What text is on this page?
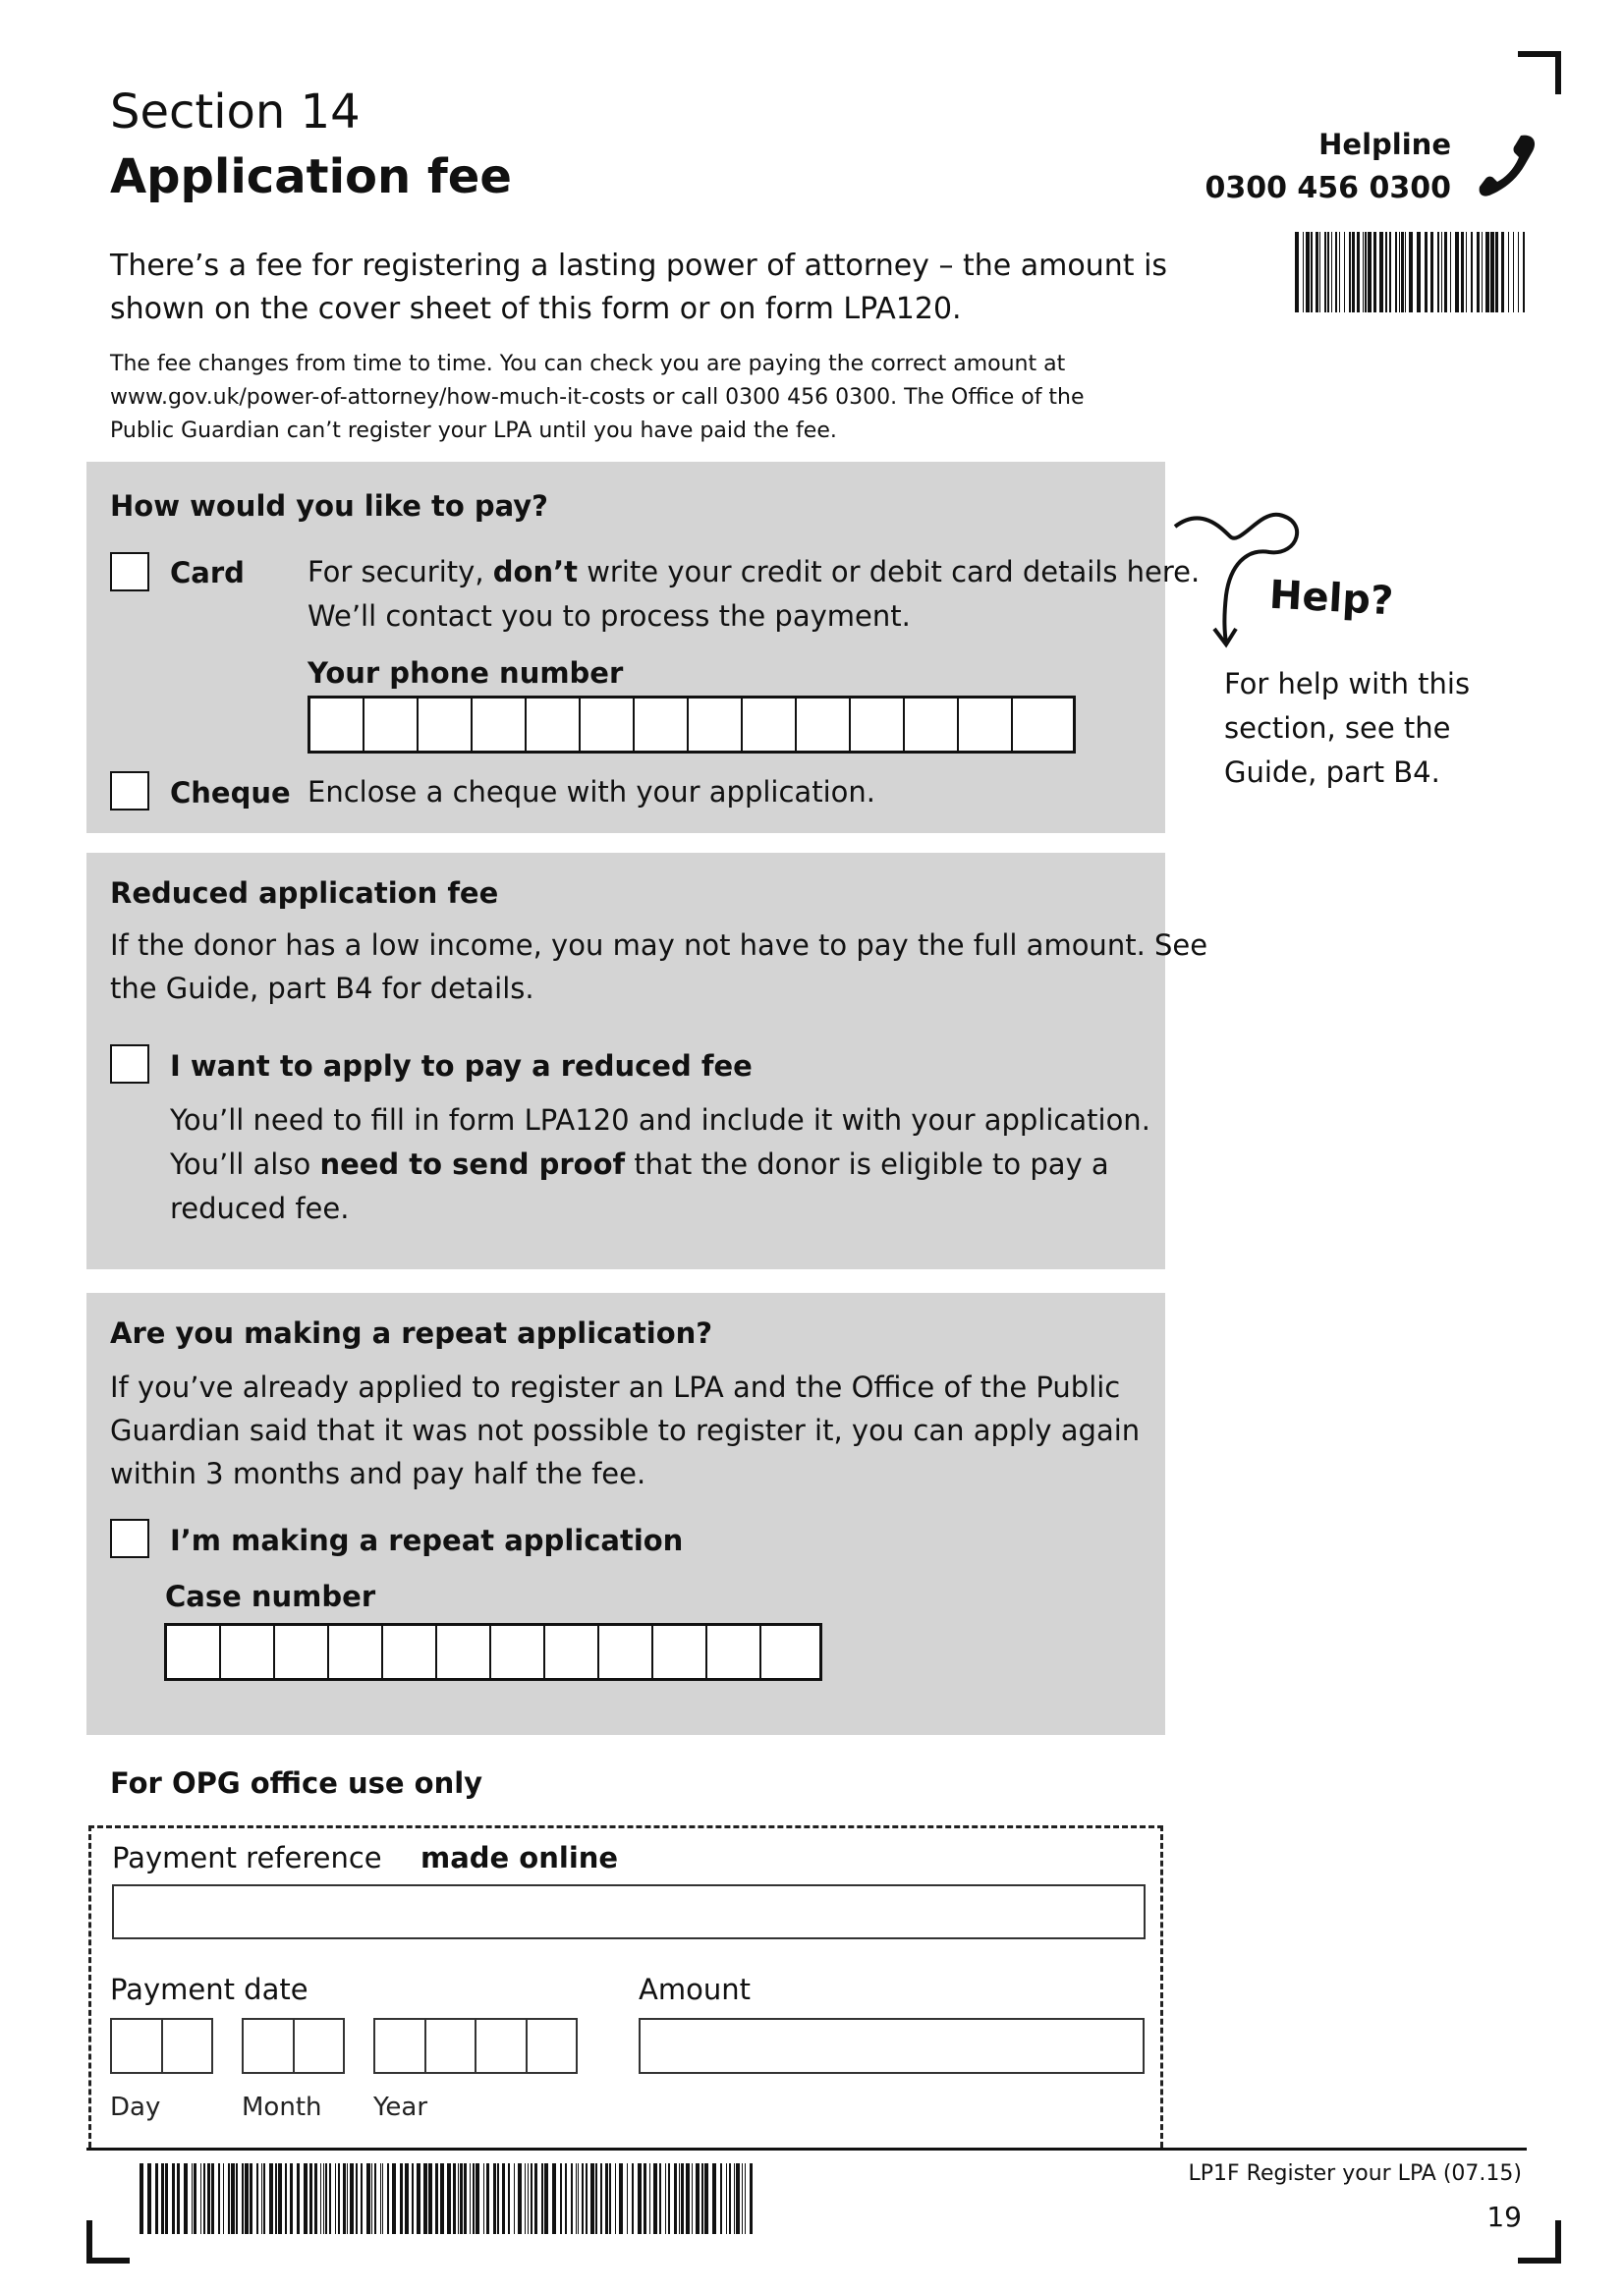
Section 14
Application fee
Helpline
0300 456 0300
There’s a fee for registering a lasting power of attorney – the amount is
shown on the cover sheet of this form or on form LPA120.
The fee changes from time to time. You can check you are paying the correct amount at
www.gov.uk/power-of-attorney/how-much-it-costs or call 0300 456 0300. The Office of the
Public Guardian can’t register your LPA until you have paid the fee.
How would you like to pay?
Card For security, don’t write your credit or debit card details here.
We’ll contact you to process the payment.
Your phone number
Cheque Enclose a cheque with your application.
Reduced application fee
If the donor has a low income, you may not have to pay the full amount. See
the Guide, part B4 for details.
I want to apply to pay a reduced fee
You’ll need to fill in form LPA120 and include it with your application.
You’ll also need to send proof that the donor is eligible to pay a
reduced fee.
Are you making a repeat application?
If you’ve already applied to register an LPA and the Office of the Public
Guardian said that it was not possible to register it, you can apply again
within 3 months and pay half the fee.
I’m making a repeat application
Case number
For OPG office use only
Payment reference made online
Payment date	Amount
Day	Month Year
Help?
For help with this
section, see the
Guide, part B4.
LP1F Register your LPA (07.15)
19
